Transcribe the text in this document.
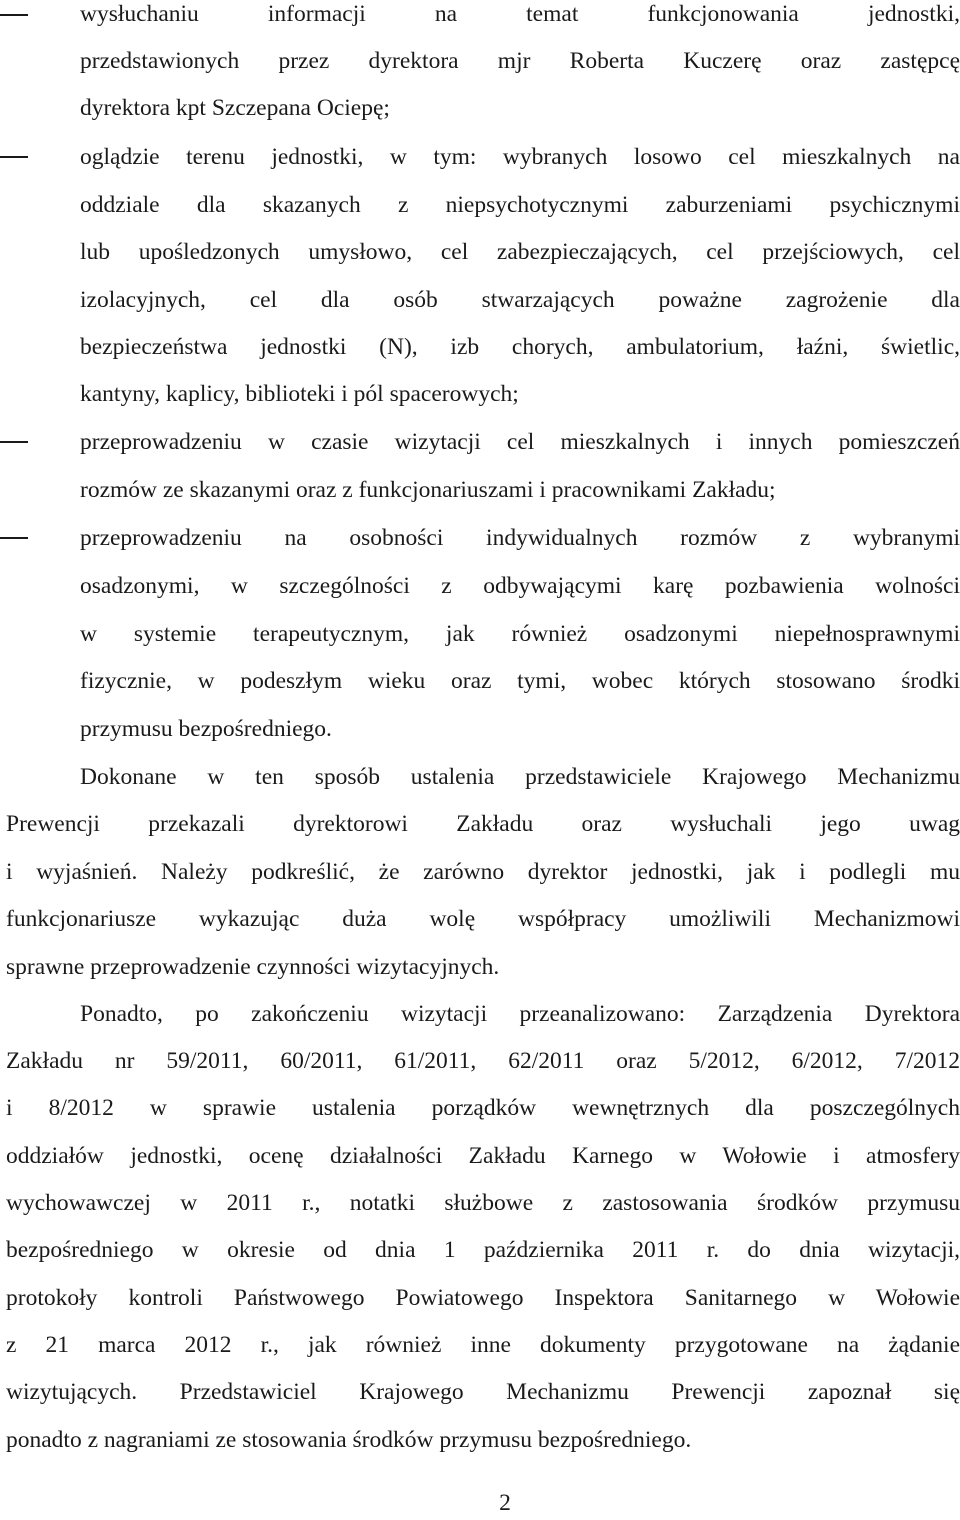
wysłuchaniu informacji na temat funkcjonowania jednostki,
przedstawionych przez dyrektora mjr Roberta Kuczerę oraz zastępcę
dyrektora kpt Szczepana Ociepę;
oglądzie terenu jednostki, w tym: wybranych losowo cel mieszkalnych na
oddziale dla skazanych z niepsychotycznymi zaburzeniami psychicznymi
lub upośledzonych umysłowo, cel zabezpieczających, cel przejściowych, cel
izolacyjnych, cel dla osób stwarzających poważne zagrożenie dla
bezpieczeństwa jednostki (N), izb chorych, ambulatorium, łaźni, świetlic,
kantyny, kaplicy, biblioteki i pól spacerowych;
przeprowadzeniu w czasie wizytacji cel mieszkalnych i innych pomieszczeń
rozmów ze skazanymi oraz z funkcjonariuszami i pracownikami Zakładu;
przeprowadzeniu na osobności indywidualnych rozmów z wybranymi
osadzonymi, w szczególności z odbywającymi karę pozbawienia wolności
w systemie terapeutycznym, jak również osadzonymi niepełnosprawnymi
fizycznie, w podeszłym wieku oraz tymi, wobec których stosowano środki
przymusu bezpośredniego.
Dokonane w ten sposób ustalenia przedstawiciele Krajowego Mechanizmu
Prewencji przekazali dyrektorowi Zakładu oraz wysłuchali jego uwag
i wyjaśnień. Należy podkreślić, że zarówno dyrektor jednostki, jak i podlegli mu
funkcjonariusze wykazując duża wolę współpracy umożliwili Mechanizmowi
sprawne przeprowadzenie czynności wizytacyjnych.
Ponadto, po zakończeniu wizytacji przeanalizowano: Zarządzenia Dyrektora
Zakładu nr 59/2011, 60/2011, 61/2011, 62/2011 oraz 5/2012, 6/2012, 7/2012
i 8/2012 w sprawie ustalenia porządków wewnętrznych dla poszczególnych
oddziałów jednostki, ocenę działalności Zakładu Karnego w Wołowie i atmosfery
wychowawczej w 2011 r., notatki służbowe z zastosowania środków przymusu
bezpośredniego w okresie od dnia 1 października 2011 r. do dnia wizytacji,
protokoły kontroli Państwowego Powiatowego Inspektora Sanitarnego w Wołowie
z 21 marca 2012 r., jak również inne dokumenty przygotowane na żądanie
wizytujących. Przedstawiciel Krajowego Mechanizmu Prewencji zapoznał się
ponadto z nagraniami ze stosowania środków przymusu bezpośredniego.
2
